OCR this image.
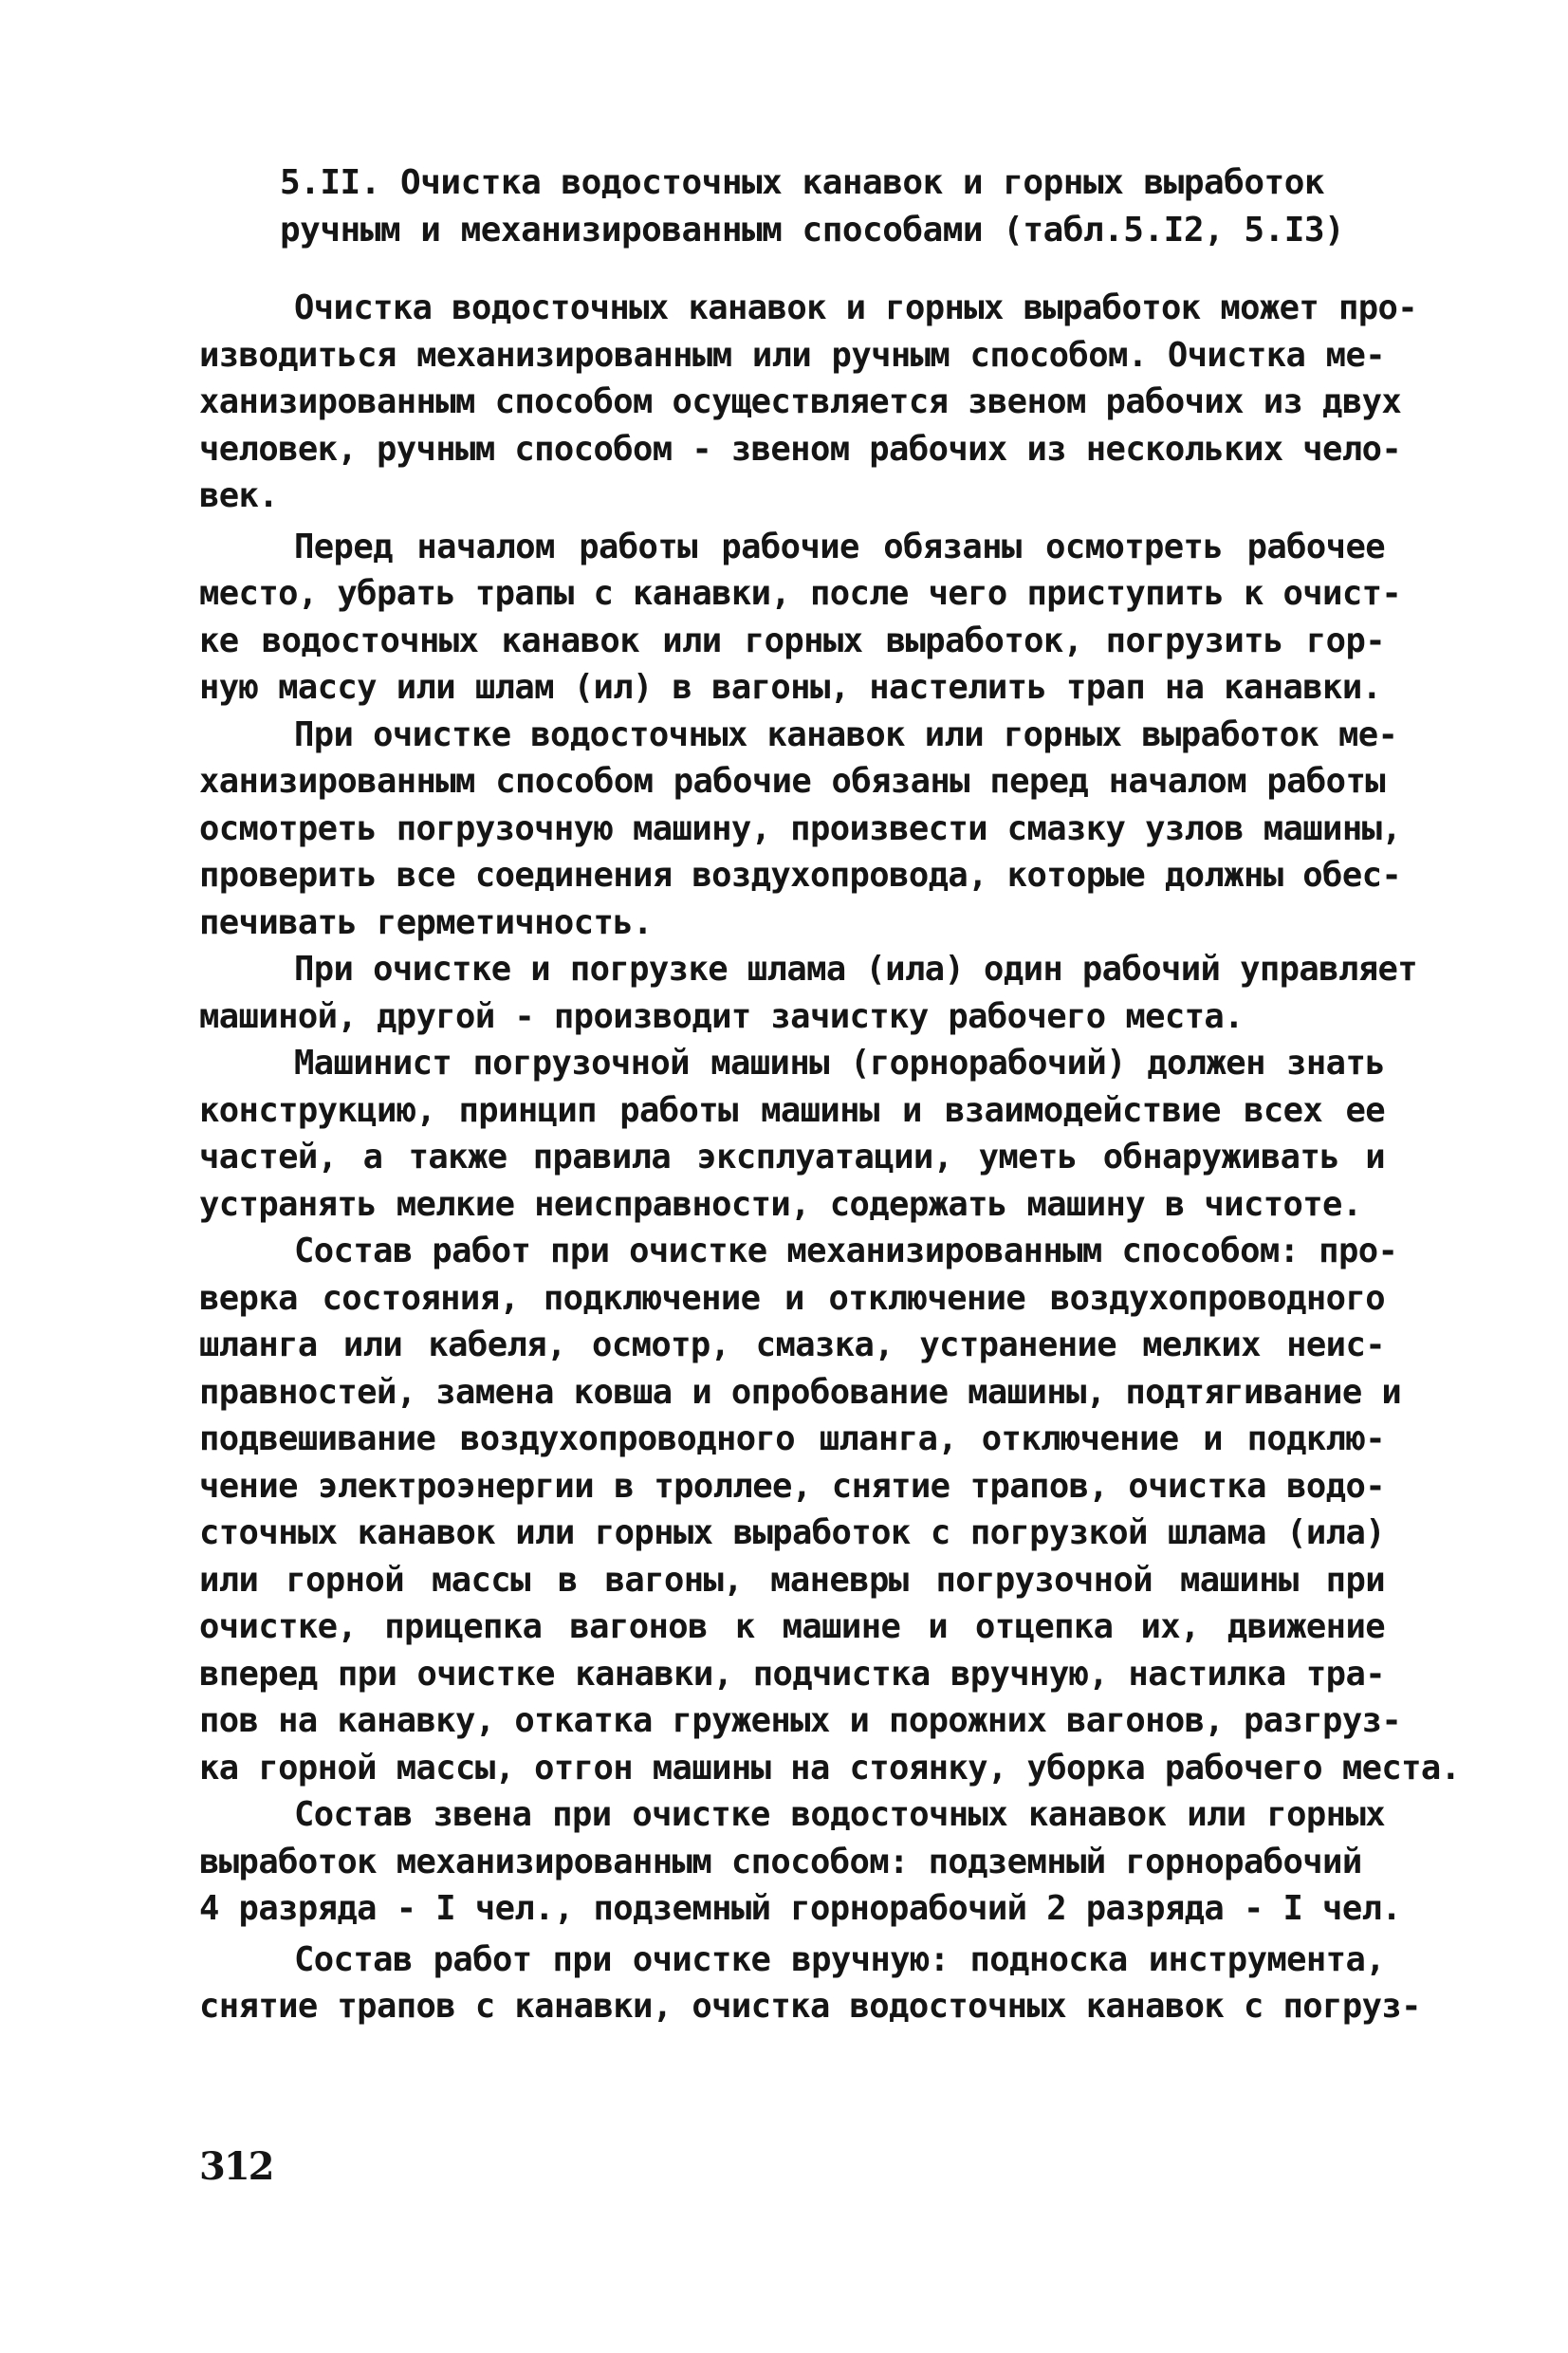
5.II. Очистка водосточных канавок и горных выработок
ручным и механизированным способами (табл.5.I2, 5.I3)
Очистка водосточных канавок и горных выработок может про-
изводиться механизированным или ручным способом. Очистка ме-
ханизированным способом осуществляется звеном рабочих из двух
человек, ручным способом - звеном рабочих из нескольких чело-
век.
Перед началом работы рабочие обязаны осмотреть рабочее
место, убрать трапы с канавки, после чего приступить к очист-
ке водосточных канавок или горных выработок, погрузить гор-
ную массу или шлам (ил) в вагоны, настелить трап на канавки.
При очистке водосточных канавок или горных выработок ме-
ханизированным способом рабочие обязаны перед началом работы
осмотреть погрузочную машину, произвести смазку узлов машины,
проверить все соединения воздухопровода, которые должны обес-
печивать герметичность.
При очистке и погрузке шлама (ила) один рабочий управляет
машиной, другой - производит зачистку рабочего места.
Машинист погрузочной машины (горнорабочий) должен знать
конструкцию, принцип работы машины и взаимодействие всех ее
частей, а также правила эксплуатации, уметь обнаруживать и
устранять мелкие неисправности, содержать машину в чистоте.
Состав работ при очистке механизированным способом: про-
верка состояния, подключение и отключение воздухопроводного
шланга или кабеля, осмотр, смазка, устранение мелких неис-
правностей, замена ковша и опробование машины, подтягивание и
подвешивание воздухопроводного шланга, отключение и подклю-
чение электроэнергии в троллее, снятие трапов, очистка водо-
сточных канавок или горных выработок с погрузкой шлама (ила)
или горной массы в вагоны, маневры погрузочной машины при
очистке, прицепка вагонов к машине и отцепка их, движение
вперед при очистке канавки, подчистка вручную, настилка тра-
пов на канавку, откатка груженых и порожних вагонов, разгруз-
ка горной массы, отгон машины на стоянку, уборка рабочего места.
Состав звена при очистке водосточных канавок или горных
выработок механизированным способом: подземный горнорабочий
4 разряда - I чел., подземный горнорабочий 2 разряда - I чел.
Состав работ при очистке вручную: подноска инструмента,
снятие трапов с канавки, очистка водосточных канавок с погруз-
312
